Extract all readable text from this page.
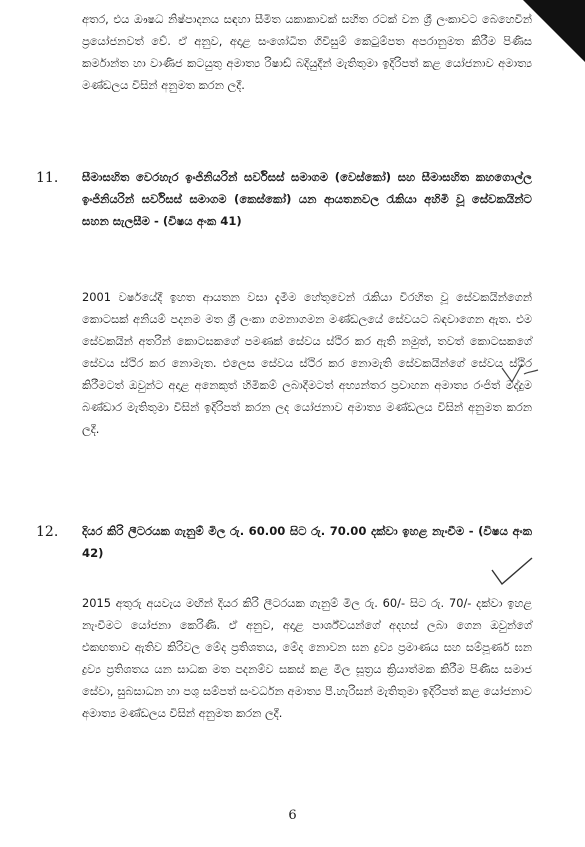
අතර, එය ඖෂධ නිෂ්පාදනය සඳහා සීමිත යකාකාවක් සහිත රටක් වන ශ්‍රී ලංකාවට බෙහෙවින් ප්‍රයෝජනවත් වේ. ඒ අනුව, අදාළ සංශෝධිත ගිවිසුම් කෙටුම්පත අපරානුමත කිරීම පිණිස කර්මාන්ත හා වාණිජ කටයුතු අමාත්‍ය රිෂාඩ් බදියුදීන් මැතිතුමා ඉදිරිපත් කළ යෝජනාව අමාත්‍ය මණ්ඩලය විසින් අනුමත කරන ලදී.

11. සීමාසහිත වෙරහැර ඉංජිනියරින් සර්විසස් සමාගම (වෙස්කෝ) සහ සීමාසහිත කහගොල්ල ඉංජිනියරින් සර්විසස් සමාගම (කෙස්කෝ) යන ආයතනවල රැකියා අහිමි වූ සේවකයින්ට සහන සැලසීම - (විෂය අංක 41)

2001 වර්ෂයේදී ඉහත ආයතන වසා දැමීම හේතුවෙන් රැකියා විරහිත වූ සේවකයින්ගෙන් කොටසක් අනියම් පදනම මත ශ්‍රී ලංකා ගමනාගමන මණ්ඩලයේ සේවයට බඳවාගෙන ඇත. එම සේවකයින් අතරින් කොටසකගේ පමණක් සේවය ස්ථිර කර ඇති නමුත්, තවත් කොටසකගේ සේවය ස්ථිර කර නොමැත. එලෙස සේවය ස්ථිර කර නොමැති සේවකයින්ගේ සේවය ස්ථිර කිරීමටත් ඔවුන්ට අදාළ අනෙකුත් හිමිකම් ලබාදීමටත් අභ්‍යන්තර ප්‍රවාහන අමාත්‍ය රංජිත් මද්දුම බණ්ඩාර මැතිතුමා විසින් ඉදිරිපත් කරන ලද යෝජනාව අමාත්‍ය මණ්ඩලය විසින් අනුමත කරන ලදී.

12. දියර කිරි ලීටරයක ගැනුම් මිල රු. 60.00 සිට රු. 70.00 දක්වා ඉහළ නැංවීම - (විෂය අංක 42)

2015 අතුරු අයවැය මඟින් දියර කිරි ලීටරයක ගැනුම් මිල රු. 60/- සිට රු. 70/- දක්වා ඉහළ නැංවීමට යෝජනා කෙරිණි. ඒ අනුව, අදාළ පාර්ශ්වයන්ගේ අදහස් ලබා ගෙන ඔවුන්ගේ එකඟතාව ඇතිව කිරිවල මේද ප්‍රතිශතය, මේද නොවන ඝන ද්‍රව්‍ය ප්‍රමාණය සහ සම්පූර්ණ ඝන ද්‍රව්‍ය ප්‍රතිශතය යන සාධක මත පදනම්ව සකස් කළ මිල සූත්‍රය ක්‍රියාත්මක කිරීම පිණිස සමාජ සේවා, සුබසාධන හා පශු සම්පත් සංවර්ධන අමාත්‍ය පී.හැරිසන් මැතිතුමා ඉදිරිපත් කළ යෝජනාව අමාත්‍ය මණ්ඩලය විසින් අනුමත කරන ලදී.

6
